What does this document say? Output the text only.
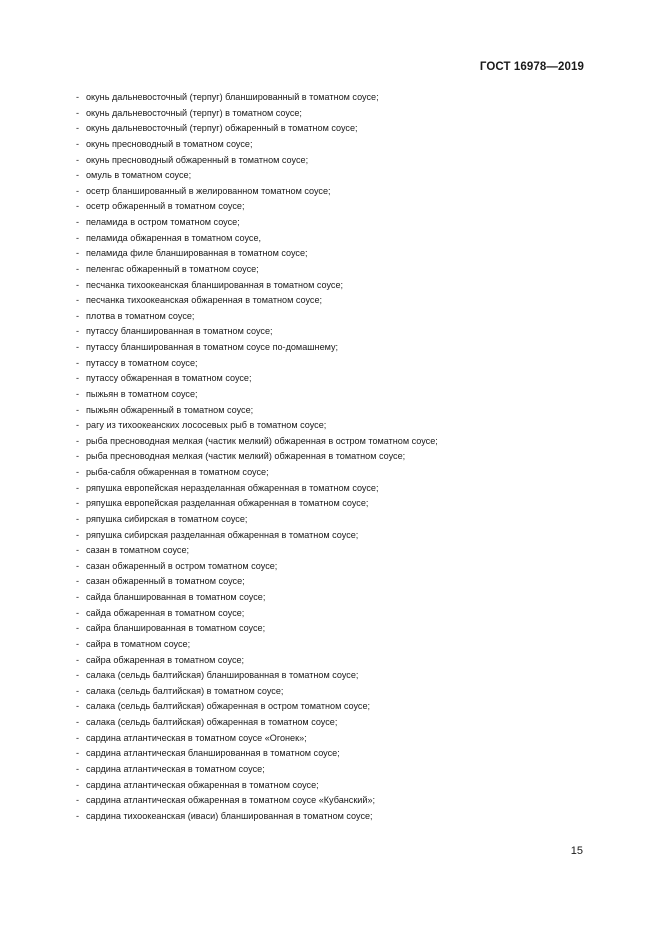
ГОСТ 16978—2019
- окунь дальневосточный (терпуг) бланшированный в томатном соусе;
- окунь дальневосточный (терпуг) в томатном соусе;
- окунь дальневосточный (терпуг) обжаренный в томатном соусе;
- окунь пресноводный в томатном соусе;
- окунь пресноводный обжаренный в томатном соусе;
- омуль в томатном соусе;
- осетр бланшированный в желированном томатном соусе;
- осетр обжаренный в томатном соусе;
- пеламида в остром томатном соусе;
- пеламида обжаренная в томатном соусе,
- пеламида филе бланшированная в томатном соусе;
- пеленгас обжаренный в томатном соусе;
- песчанка тихоокеанская бланшированная в томатном соусе;
- песчанка тихоокеанская обжаренная в томатном соусе;
- плотва в томатном соусе;
- путассу бланшированная в томатном соусе;
- путассу бланшированная в томатном соусе по-домашнему;
- путассу в томатном соусе;
- путассу обжаренная в томатном соусе;
- пыжьян в томатном соусе;
- пыжьян обжаренный в томатном соусе;
- рагу из тихоокеанских лососевых рыб в томатном соусе;
- рыба пресноводная мелкая (частик мелкий) обжаренная в остром томатном соусе;
- рыба пресноводная мелкая (частик мелкий) обжаренная в томатном соусе;
- рыба-сабля обжаренная в томатном соусе;
- ряпушка европейская неразделанная обжаренная в томатном соусе;
- ряпушка европейская разделанная обжаренная в томатном соусе;
- ряпушка сибирская в томатном соусе;
- ряпушка сибирская разделанная обжаренная в томатном соусе;
- сазан в томатном соусе;
- сазан обжаренный в остром томатном соусе;
- сазан обжаренный в томатном соусе;
- сайда бланшированная в томатном соусе;
- сайда обжаренная в томатном соусе;
- сайра бланшированная в томатном соусе;
- сайра в томатном соусе;
- сайра обжаренная в томатном соусе;
- салака (сельдь балтийская) бланшированная в томатном соусе;
- салака (сельдь балтийская) в томатном соусе;
- салака (сельдь балтийская) обжаренная в остром томатном соусе;
- салака (сельдь балтийская) обжаренная в томатном соусе;
- сардина атлантическая в томатном соусе «Огонек»;
- сардина атлантическая бланшированная в томатном соусе;
- сардина атлантическая в томатном соусе;
- сардина атлантическая обжаренная в томатном соусе;
- сардина атлантическая обжаренная в томатном соусе «Кубанский»;
- сардина тихоокеанская (иваси) бланшированная в томатном соусе;
15
